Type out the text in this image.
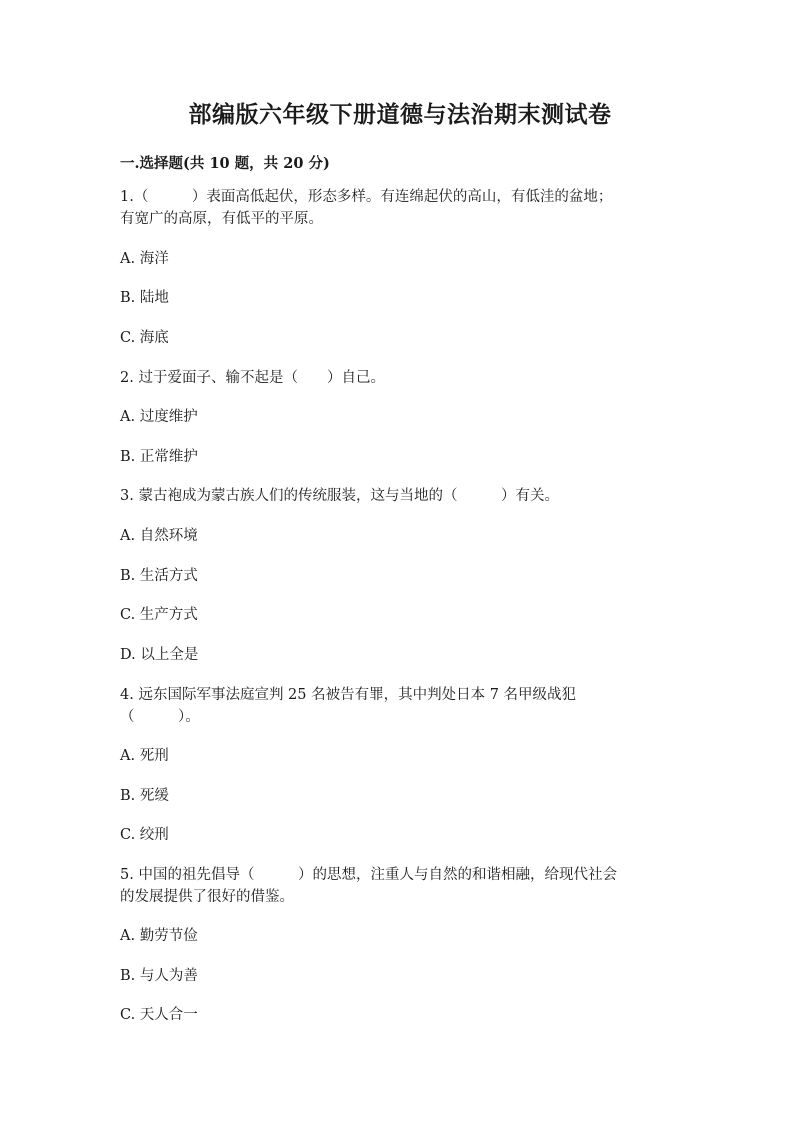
部编版六年级下册道德与法治期末测试卷
一.选择题(共 10 题，共 20 分)
1.（　　　）表面高低起伏，形态多样。有连绵起伏的高山，有低洼的盆地；
有宽广的高原，有低平的平原。
A. 海洋
B. 陆地
C. 海底
2. 过于爱面子、输不起是（　　）自己。
A. 过度维护
B. 正常维护
3. 蒙古袍成为蒙古族人们的传统服装，这与当地的（　　　）有关。
A. 自然环境
B. 生活方式
C. 生产方式
D. 以上全是
4. 远东国际军事法庭宣判 25 名被告有罪，其中判处日本 7 名甲级战犯
（　　　）。
A. 死刑
B. 死缓
C. 绞刑
5. 中国的祖先倡导（　　　）的思想，注重人与自然的和谐相融，给现代社会
的发展提供了很好的借鉴。
A. 勤劳节俭
B. 与人为善
C. 天人合一
